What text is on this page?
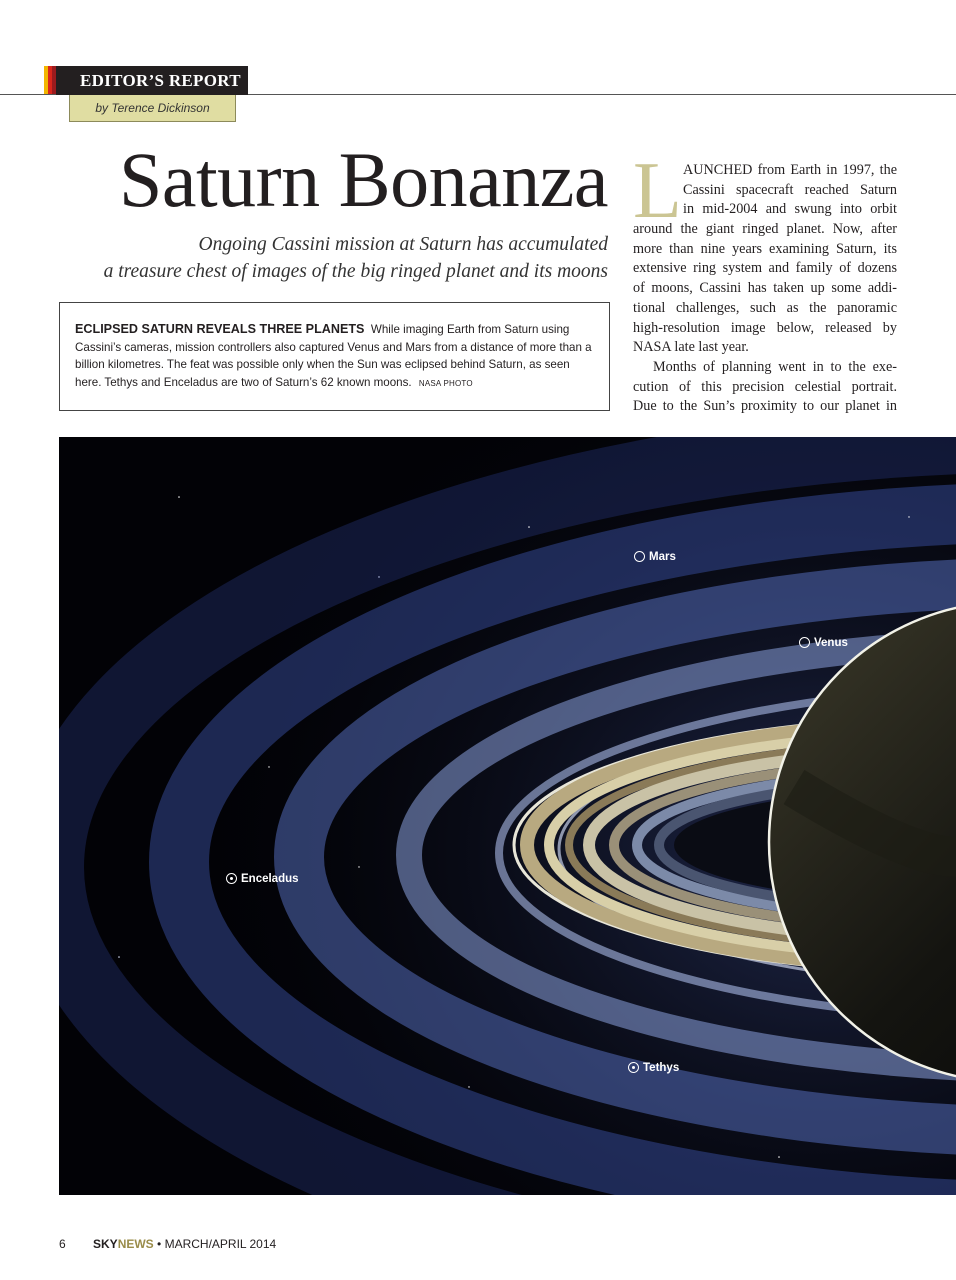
EDITOR’S REPORT
by Terence Dickinson
Saturn Bonanza
Ongoing Cassini mission at Saturn has accumulated
a treasure chest of images of the big ringed planet and its moons
ECLIPSED SATURN REVEALS THREE PLANETS While imaging Earth from Saturn using Cassini’s cameras, mission controllers also captured Venus and Mars from a distance of more than a billion kilometres. The feat was possible only when the Sun was eclipsed behind Saturn, as seen here. Tethys and Enceladus are two of Saturn’s 62 known moons. NASA PHOTO
L AUNCHED from Earth in 1997, the
Cassini spacecraft reached Saturn
in mid-2004 and swung into orbit
around the giant ringed planet. Now, after
more than nine years examining Saturn, its
extensive ring system and family of dozens
of moons, Cassini has taken up some addi-
tional challenges, such as the panoramic
high-resolution image below, released by
NASA late last year.
Months of planning went in to the exe-
cution of this precision celestial portrait.
Due to the Sun’s proximity to our planet in
Mars
Venus
Enceladus
Tethys
6 SKYNEWS • MARCH/APRIL 2014
